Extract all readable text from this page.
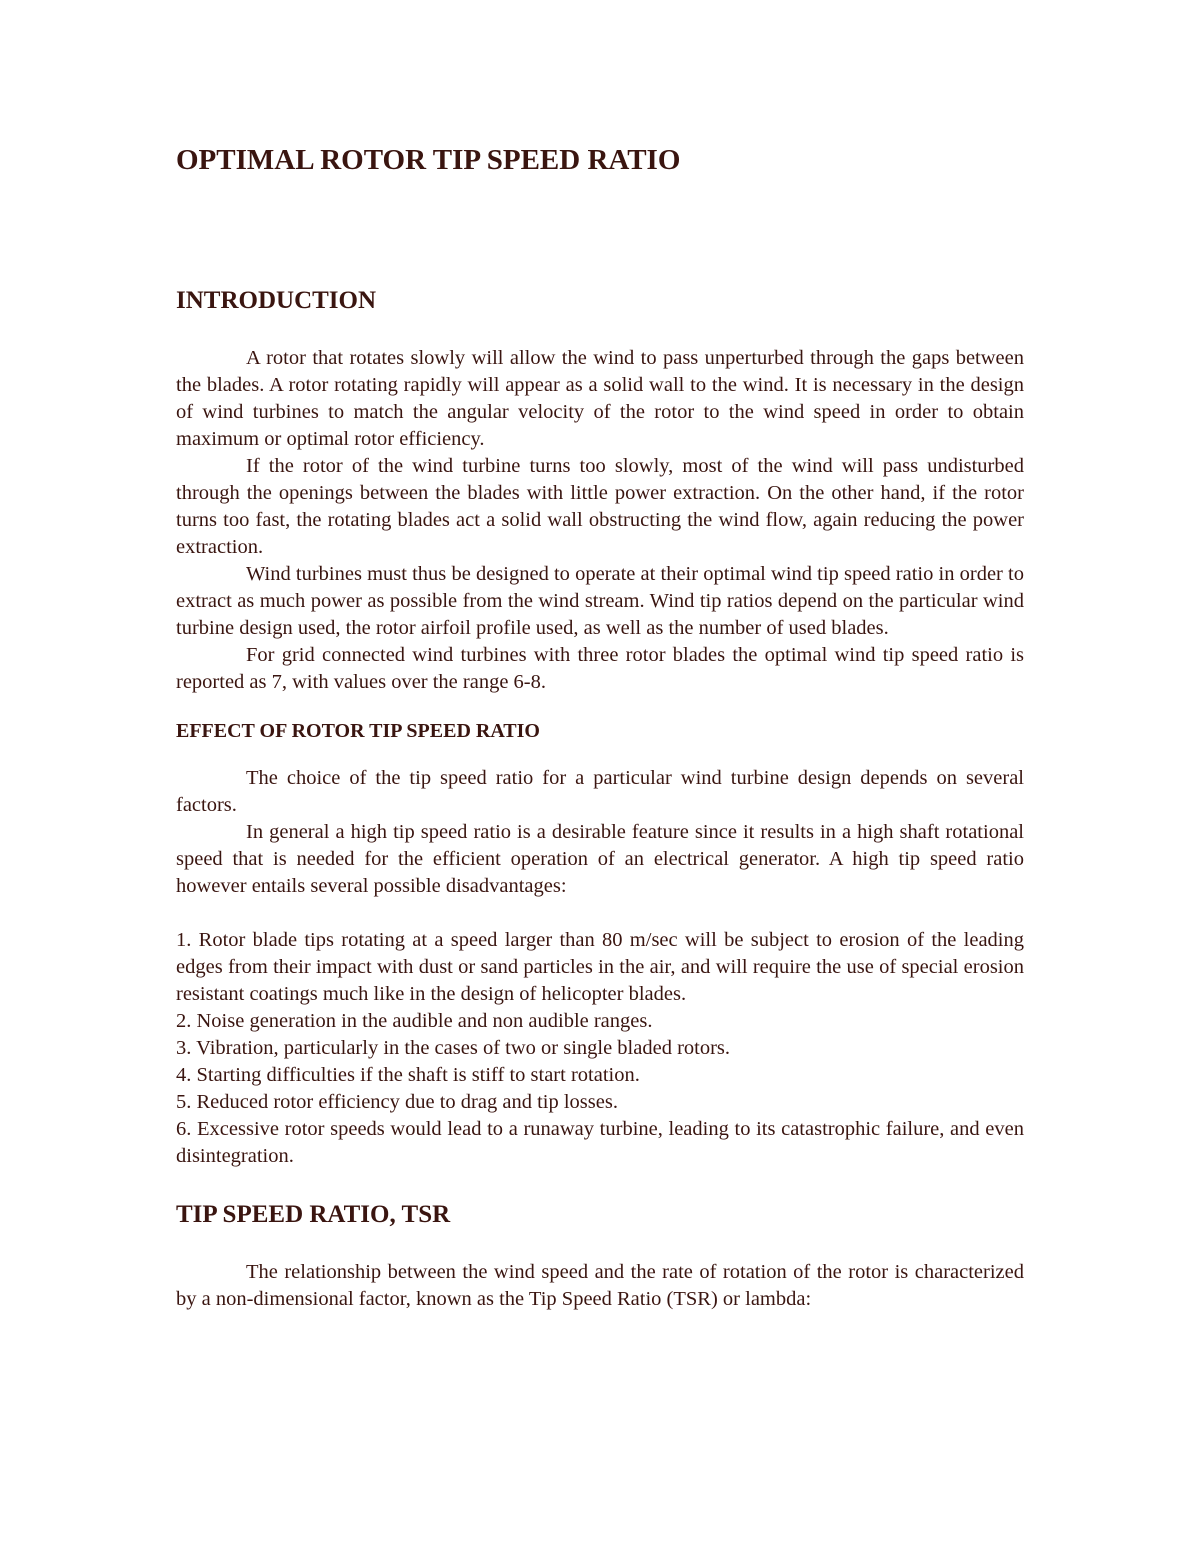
OPTIMAL ROTOR TIP SPEED RATIO
INTRODUCTION

A rotor that rotates slowly will allow the wind to pass unperturbed through the gaps between the blades. A rotor rotating rapidly will appear as a solid wall to the wind. It is necessary in the design of wind turbines to match the angular velocity of the rotor to the wind speed in order to obtain maximum or optimal rotor efficiency.

If the rotor of the wind turbine turns too slowly, most of the wind will pass undisturbed through the openings between the blades with little power extraction. On the other hand, if the rotor turns too fast, the rotating blades act a solid wall obstructing the wind flow, again reducing the power extraction.

Wind turbines must thus be designed to operate at their optimal wind tip speed ratio in order to extract as much power as possible from the wind stream. Wind tip ratios depend on the particular wind turbine design used, the rotor airfoil profile used, as well as the number of used blades.

For grid connected wind turbines with three rotor blades the optimal wind tip speed ratio is reported as 7, with values over the range 6-8.

EFFECT OF ROTOR TIP SPEED RATIO

The choice of the tip speed ratio for a particular wind turbine design depends on several factors.

In general a high tip speed ratio is a desirable feature since it results in a high shaft rotational speed that is needed for the efficient operation of an electrical generator. A high tip speed ratio however entails several possible disadvantages:

1. Rotor blade tips rotating at a speed larger than 80 m/sec will be subject to erosion of the leading edges from their impact with dust or sand particles in the air, and will require the use of special erosion resistant coatings much like in the design of helicopter blades.

2. Noise generation in the audible and non audible ranges.

3. Vibration, particularly in the cases of two or single bladed rotors.

4. Starting difficulties if the shaft is stiff to start rotation.

5. Reduced rotor efficiency due to drag and tip losses.

6. Excessive rotor speeds would lead to a runaway turbine, leading to its catastrophic failure, and even disintegration.

TIP SPEED RATIO, TSR

The relationship between the wind speed and the rate of rotation of the rotor is characterized by a non-dimensional factor, known as the Tip Speed Ratio (TSR) or lambda:
